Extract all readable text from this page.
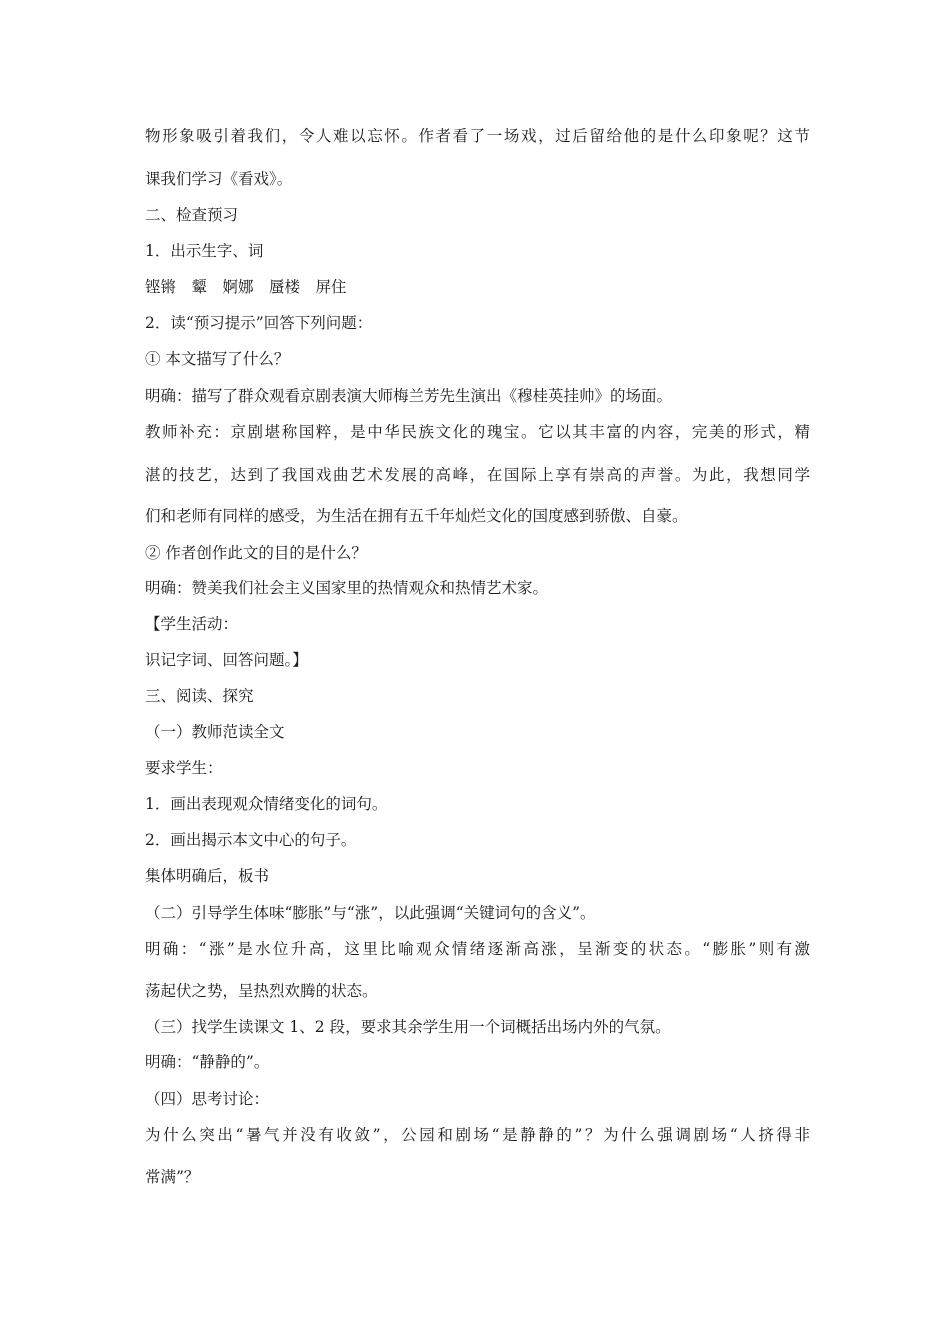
物形象吸引着我们，令人难以忘怀。作者看了一场戏，过后留给他的是什么印象呢？这节
课我们学习《看戏》。
二、检查预习
1．出示生字、词
铿锵　颦　婀娜　蜃楼　屏住
2．读“预习提示”回答下列问题：
① 本文描写了什么？
明确：描写了群众观看京剧表演大师梅兰芳先生演出《穆桂英挂帅》的场面。
教师补充：京剧堪称国粹，是中华民族文化的瑰宝。它以其丰富的内容，完美的形式，精
湛的技艺，达到了我国戏曲艺术发展的高峰，在国际上享有崇高的声誉。为此，我想同学
们和老师有同样的感受，为生活在拥有五千年灿烂文化的国度感到骄傲、自豪。
② 作者创作此文的目的是什么？
明确：赞美我们社会主义国家里的热情观众和热情艺术家。
【学生活动：
识记字词、回答问题。】
三、阅读、探究
（一）教师范读全文
要求学生：
1．画出表现观众情绪变化的词句。
2．画出揭示本文中心的句子。
集体明确后，板书
（二）引导学生体味“膨胀”与“涨”，以此强调“关键词句的含义”。
明确：“涨”是水位升高，这里比喻观众情绪逐渐高涨，呈渐变的状态。“膨胀”则有激
荡起伏之势，呈热烈欢腾的状态。
（三）找学生读课文 1、2 段，要求其余学生用一个词概括出场内外的气氛。
明确：“静静的”。
（四）思考讨论：
为什么突出“暑气并没有收敛”，公园和剧场“是静静的”？为什么强调剧场“人挤得非
常满”？
